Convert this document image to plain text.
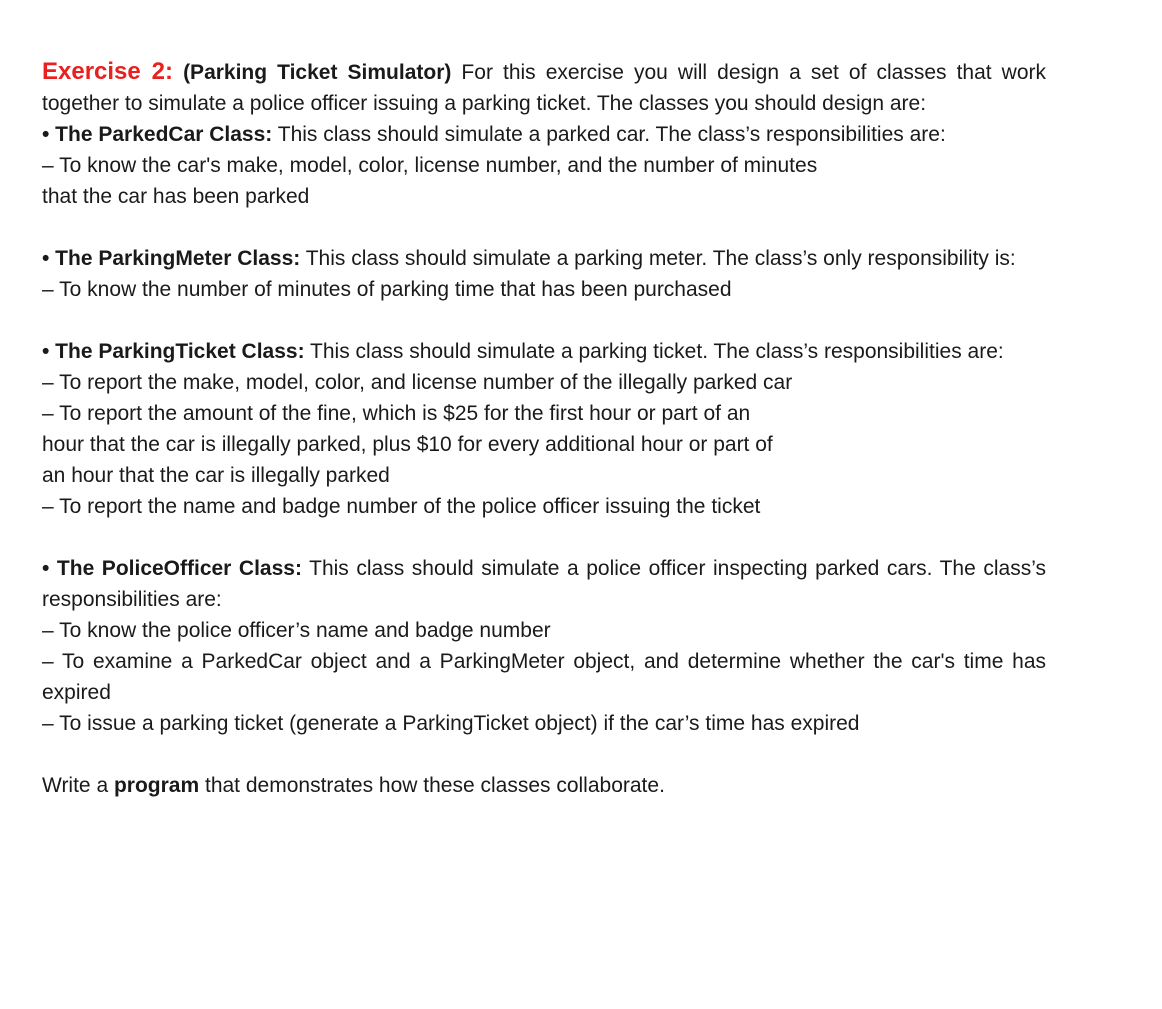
Exercise 2: (Parking Ticket Simulator) For this exercise you will design a set of classes that work together to simulate a police officer issuing a parking ticket. The classes you should design are:
• The ParkedCar Class: This class should simulate a parked car. The class’s responsibilities are:
– To know the car's make, model, color, license number, and the number of minutes
that the car has been parked
• The ParkingMeter Class: This class should simulate a parking meter. The class’s only responsibility is:
– To know the number of minutes of parking time that has been purchased
• The ParkingTicket Class: This class should simulate a parking ticket. The class’s responsibilities are:
– To report the make, model, color, and license number of the illegally parked car
– To report the amount of the fine, which is $25 for the first hour or part of an
hour that the car is illegally parked, plus $10 for every additional hour or part of
an hour that the car is illegally parked
– To report the name and badge number of the police officer issuing the ticket
• The PoliceOfficer Class: This class should simulate a police officer inspecting parked cars. The class’s responsibilities are:
– To know the police officer’s name and badge number
– To examine a ParkedCar object and a ParkingMeter object, and determine whether the car's time has expired
– To issue a parking ticket (generate a ParkingTicket object) if the car’s time has expired
Write a program that demonstrates how these classes collaborate.
